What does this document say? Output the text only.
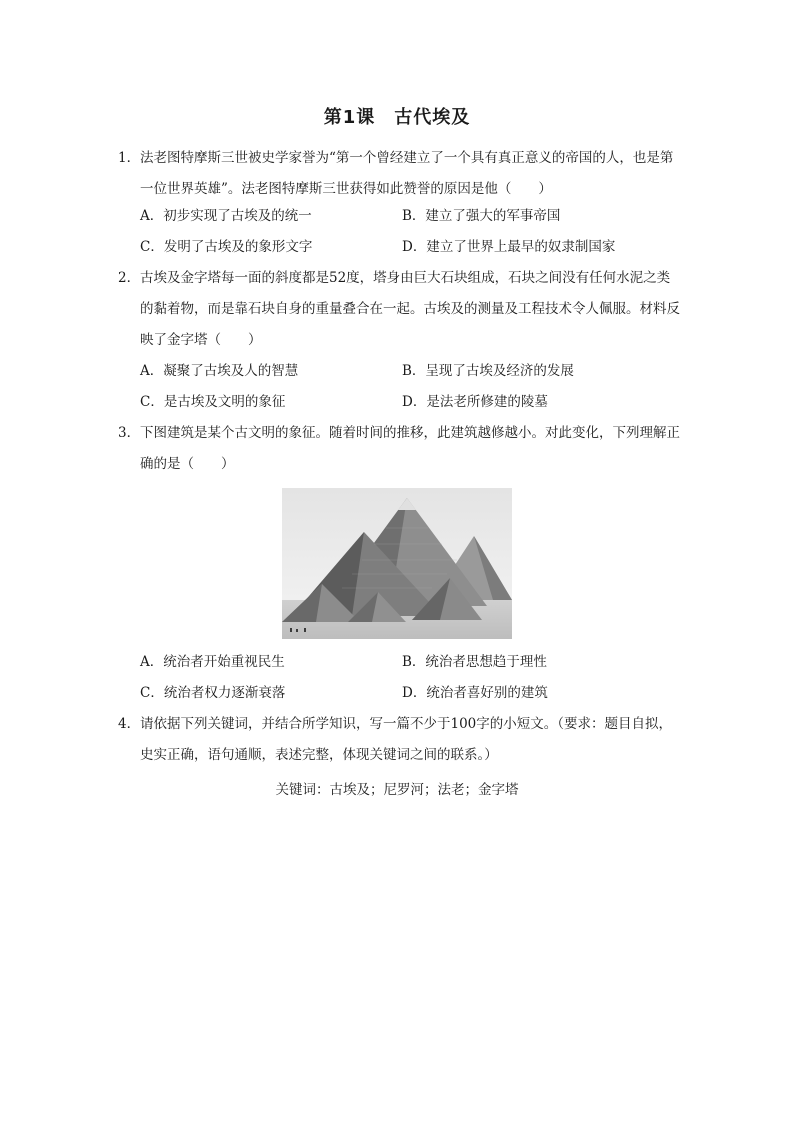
第1课　古代埃及
1． 法老图特摩斯三世被史学家誉为“第一个曾经建立了一个具有真正意义的帝国的人，也是第一位世界英雄”。法老图特摩斯三世获得如此赞誉的原因是他（　　）
A．初步实现了古埃及的统一	B．建立了强大的军事帝国
C．发明了古埃及的象形文字	D．建立了世界上最早的奴隶制国家
2． 古埃及金字塔每一面的斜度都是52度，塔身由巨大石块组成，石块之间没有任何水泥之类的黏着物，而是靠石块自身的重量叠合在一起。古埃及的测量及工程技术令人佩服。材料反映了金字塔（　　）
A．凝聚了古埃及人的智慧	B．呈现了古埃及经济的发展
C．是古埃及文明的象征	D．是法老所修建的陵墓
3． 下图建筑是某个古文明的象征。随着时间的推移，此建筑越修越小。对此变化，下列理解正确的是（　　）
A．统治者开始重视民生	B．统治者思想趋于理性
C．统治者权力逐渐衰落	D．统治者喜好别的建筑
4． 请依据下列关键词，并结合所学知识，写一篇不少于100字的小短文。（要求：题目自拟，史实正确，语句通顺，表述完整，体现关键词之间的联系。）
关键词：古埃及；尼罗河；法老；金字塔
